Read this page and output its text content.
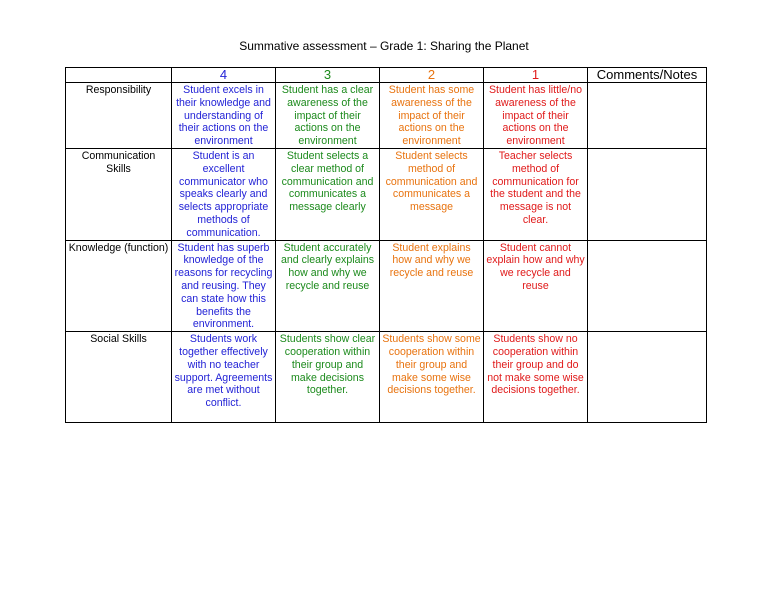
Summative assessment – Grade 1: Sharing the Planet
	4	3	2	1	Comments/Notes
Responsibility	Student excels in their knowledge and understanding of their actions on the environment	Student has a clear awareness of the impact of their actions on the environment	Student has some awareness of the impact of their actions on the environment	Student has little/no awareness of the impact of their actions on the environment	
Communication Skills	Student is an excellent communicator who speaks clearly and selects appropriate methods of communication.	Student selects a clear method of communication and communicates a message clearly	Student selects method of communication and communicates a message	Teacher selects method of communication for the student and the message is not clear.	
Knowledge (function)	Student has superb knowledge of the reasons for recycling and reusing. They can state how this benefits the environment.	Student accurately and clearly explains how and why we recycle and reuse	Student explains how and why we recycle and reuse	Student cannot explain how and why we recycle and reuse	
Social Skills	Students work together effectively with no teacher support. Agreements are met without conflict.	Students show clear cooperation within their group and make decisions together.	Students show some cooperation within their group and make some wise decisions together.	Students show no cooperation within their group and do not make some wise decisions together.	
